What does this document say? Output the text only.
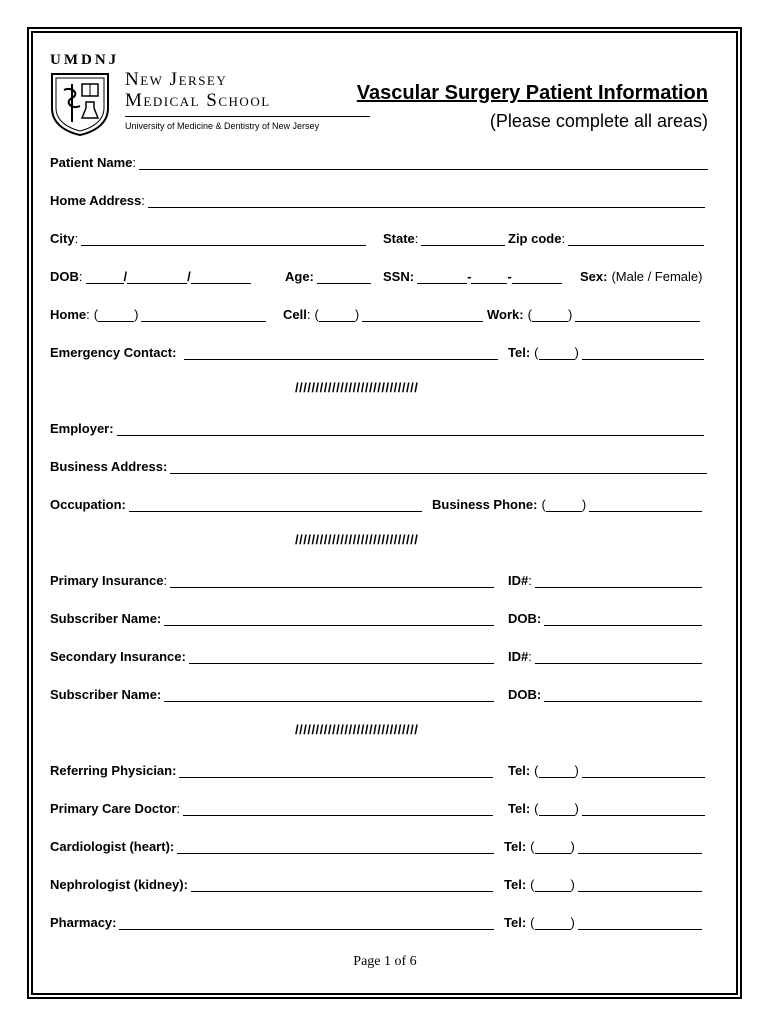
UMDNJ
New Jersey
Medical School
University of Medicine & Dentistry of New Jersey
Vascular Surgery Patient Information
(Please complete all areas)
Patient Name:
Home Address:
City:	State:	Zip code:
DOB:	/	/	Age:	SSN:	-	-	Sex: (Male / Female)
Home: (	)	Cell: (	)	Work: (	)
Emergency Contact:	Tel: (	)
//////////////////////////////
Employer:
Business Address:
Occupation:	Business Phone: (	)
//////////////////////////////
Primary Insurance:	ID#:
Subscriber Name:	DOB:
Secondary Insurance:	ID#:
Subscriber Name:	DOB:
//////////////////////////////
Referring Physician:	Tel: (	)
Primary Care Doctor:	Tel: (	)
Cardiologist (heart):	Tel: (	)
Nephrologist (kidney):	Tel: (	)
Pharmacy:	Tel: (	)
Page 1 of 6
